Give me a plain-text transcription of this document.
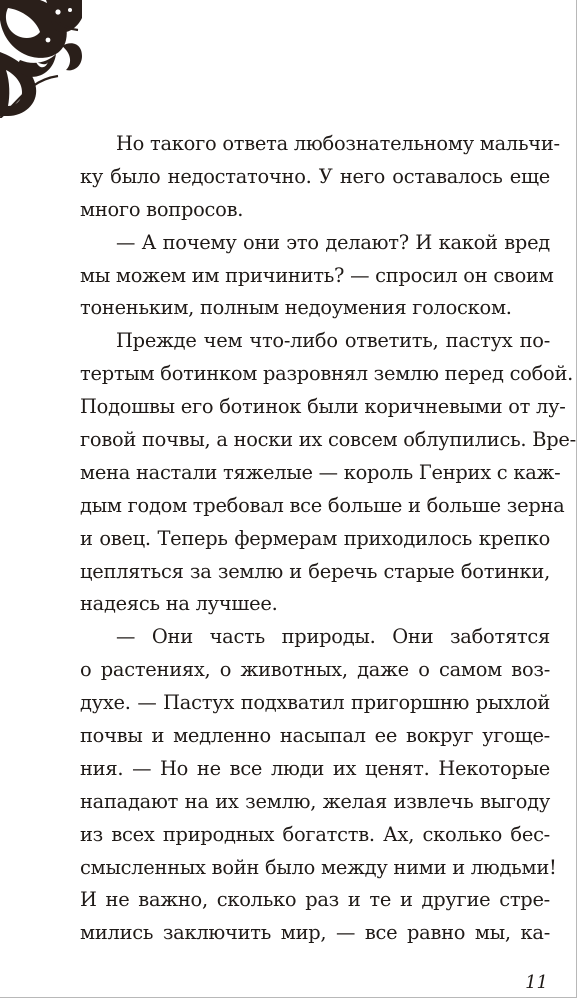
Но такого ответа любознательному мальчи-
ку было недостаточно. У него оставалось еще
много вопросов.
— А почему они это делают? И какой вред
мы можем им причинить? — спросил он своим
тоненьким, полным недоумения голоском.
Прежде чем что-либо ответить, пастух по-
тертым ботинком разровнял землю перед собой.
Подошвы его ботинок были коричневыми от лу-
говой почвы, а носки их совсем облупились. Вре-
мена настали тяжелые — король Генрих с каж-
дым годом требовал все больше и больше зерна
и овец. Теперь фермерам приходилось крепко
цепляться за землю и беречь старые ботинки,
надеясь на лучшее.
— Они часть природы. Они заботятся
о растениях, о животных, даже о самом воз-
духе. — Пастух подхватил пригоршню рыхлой
почвы и медленно насыпал ее вокруг угоще-
ния. — Но не все люди их ценят. Некоторые
нападают на их землю, желая извлечь выгоду
из всех природных богатств. Ах, сколько бес-
смысленных войн было между ними и людьми!
И не важно, сколько раз и те и другие стре-
мились заключить мир, — все равно мы, ка-
11
